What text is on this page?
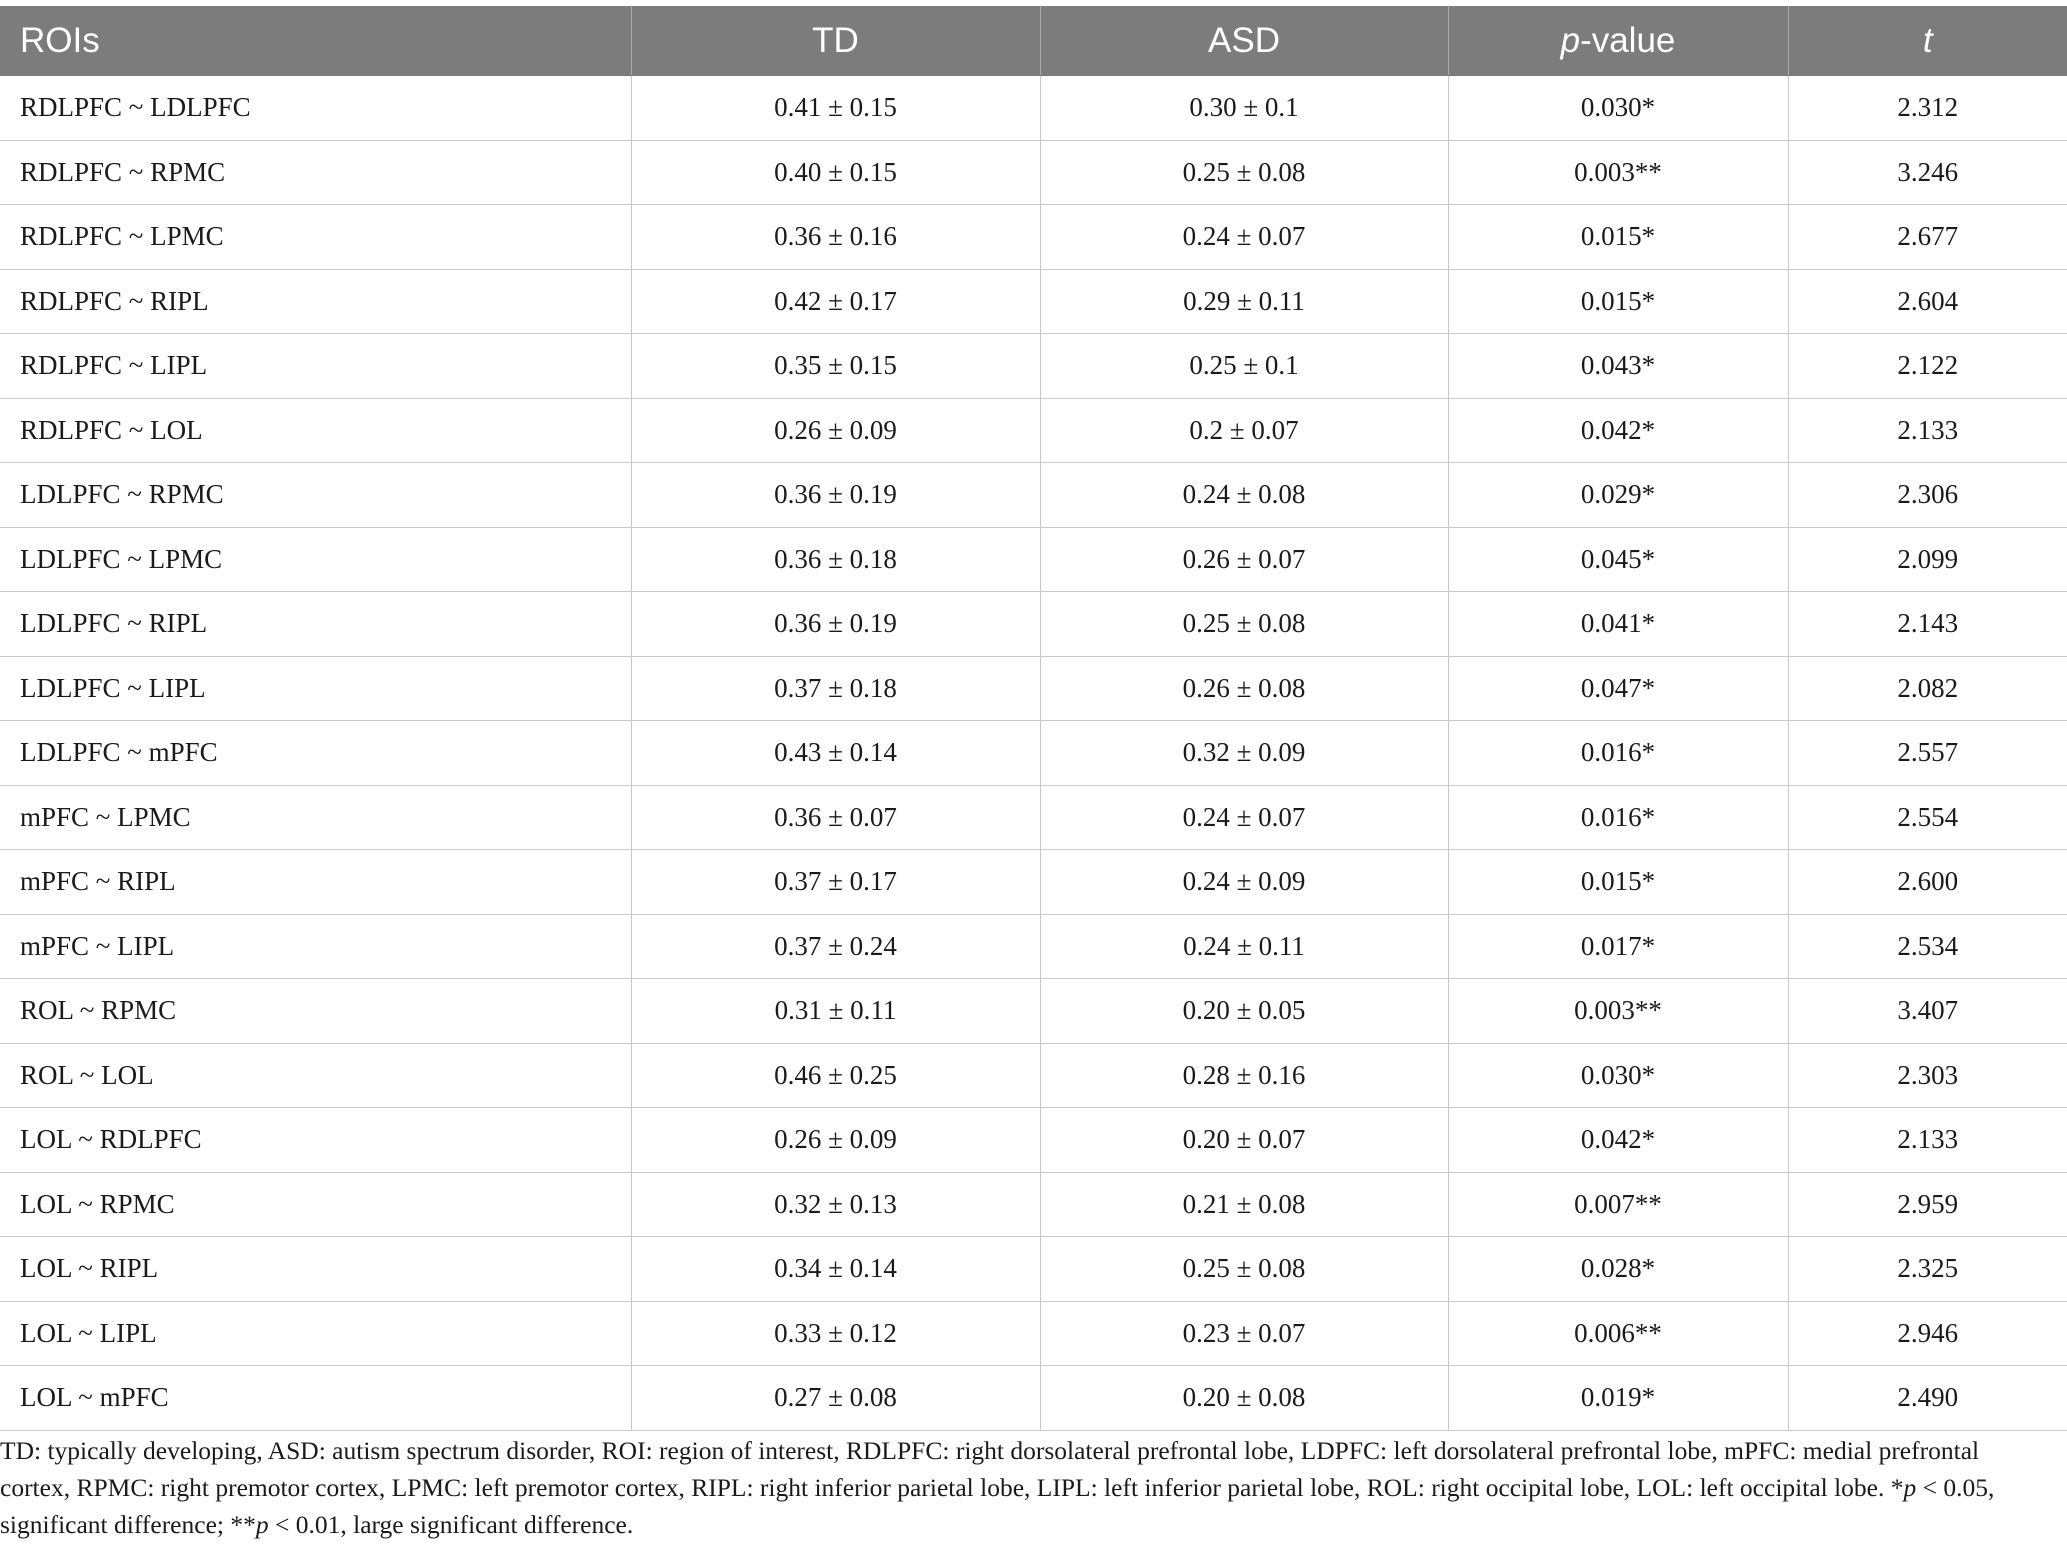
ROIs	TD	ASD	p-value	t
RDLPFC ~ LDLPFC	0.41 ± 0.15	0.30 ± 0.1	0.030*	2.312
RDLPFC ~ RPMC	0.40 ± 0.15	0.25 ± 0.08	0.003**	3.246
RDLPFC ~ LPMC	0.36 ± 0.16	0.24 ± 0.07	0.015*	2.677
RDLPFC ~ RIPL	0.42 ± 0.17	0.29 ± 0.11	0.015*	2.604
RDLPFC ~ LIPL	0.35 ± 0.15	0.25 ± 0.1	0.043*	2.122
RDLPFC ~ LOL	0.26 ± 0.09	0.2 ± 0.07	0.042*	2.133
LDLPFC ~ RPMC	0.36 ± 0.19	0.24 ± 0.08	0.029*	2.306
LDLPFC ~ LPMC	0.36 ± 0.18	0.26 ± 0.07	0.045*	2.099
LDLPFC ~ RIPL	0.36 ± 0.19	0.25 ± 0.08	0.041*	2.143
LDLPFC ~ LIPL	0.37 ± 0.18	0.26 ± 0.08	0.047*	2.082
LDLPFC ~ mPFC	0.43 ± 0.14	0.32 ± 0.09	0.016*	2.557
mPFC ~ LPMC	0.36 ± 0.07	0.24 ± 0.07	0.016*	2.554
mPFC ~ RIPL	0.37 ± 0.17	0.24 ± 0.09	0.015*	2.600
mPFC ~ LIPL	0.37 ± 0.24	0.24 ± 0.11	0.017*	2.534
ROL ~ RPMC	0.31 ± 0.11	0.20 ± 0.05	0.003**	3.407
ROL ~ LOL	0.46 ± 0.25	0.28 ± 0.16	0.030*	2.303
LOL ~ RDLPFC	0.26 ± 0.09	0.20 ± 0.07	0.042*	2.133
LOL ~ RPMC	0.32 ± 0.13	0.21 ± 0.08	0.007**	2.959
LOL ~ RIPL	0.34 ± 0.14	0.25 ± 0.08	0.028*	2.325
LOL ~ LIPL	0.33 ± 0.12	0.23 ± 0.07	0.006**	2.946
LOL ~ mPFC	0.27 ± 0.08	0.20 ± 0.08	0.019*	2.490
TD: typically developing, ASD: autism spectrum disorder, ROI: region of interest, RDLPFC: right dorsolateral prefrontal lobe, LDPFC: left dorsolateral prefrontal lobe, mPFC: medial prefrontal cortex, RPMC: right premotor cortex, LPMC: left premotor cortex, RIPL: right inferior parietal lobe, LIPL: left inferior parietal lobe, ROL: right occipital lobe, LOL: left occipital lobe. *p < 0.05, significant difference; **p < 0.01, large significant difference.
